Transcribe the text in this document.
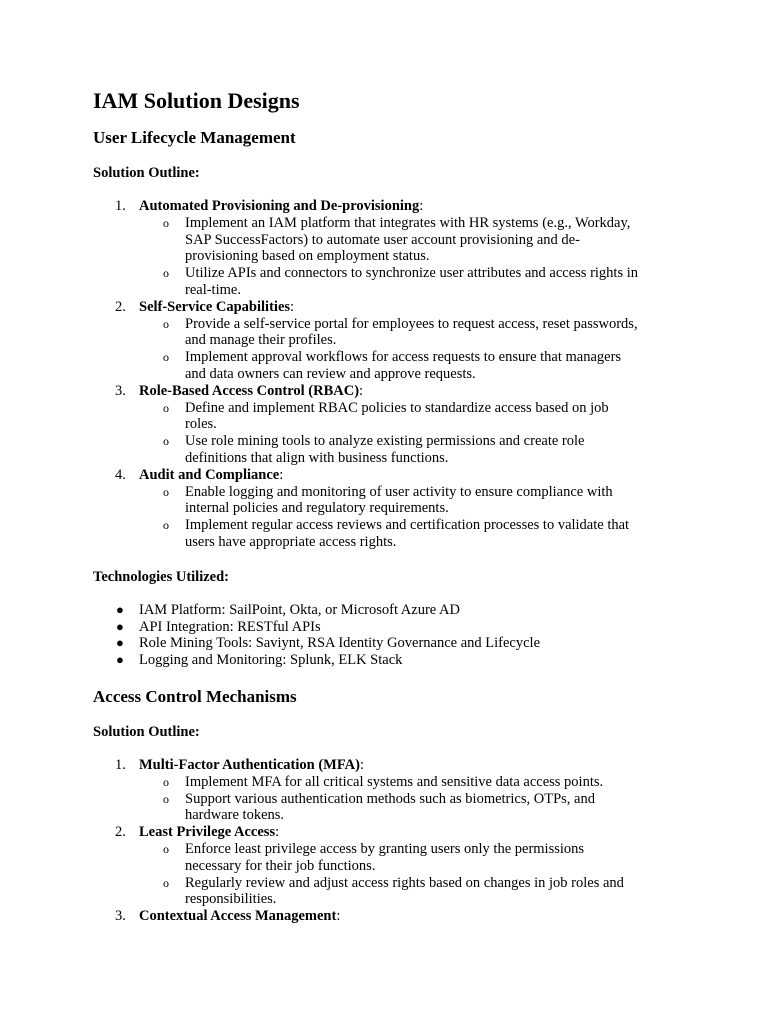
IAM Solution Designs
User Lifecycle Management

Solution Outline:

1. Automated Provisioning and De-provisioning:
o Implement an IAM platform that integrates with HR systems (e.g., Workday,
SAP SuccessFactors) to automate user account provisioning and de-
provisioning based on employment status.
o Utilize APIs and connectors to synchronize user attributes and access rights in
real-time.
2. Self-Service Capabilities:
o Provide a self-service portal for employees to request access, reset passwords,
and manage their profiles.
o Implement approval workflows for access requests to ensure that managers
and data owners can review and approve requests.
3. Role-Based Access Control (RBAC):
o Define and implement RBAC policies to standardize access based on job
roles.
o Use role mining tools to analyze existing permissions and create role
definitions that align with business functions.
4. Audit and Compliance:
o Enable logging and monitoring of user activity to ensure compliance with
internal policies and regulatory requirements.
o Implement regular access reviews and certification processes to validate that
users have appropriate access rights.

Technologies Utilized:

● IAM Platform: SailPoint, Okta, or Microsoft Azure AD
● API Integration: RESTful APIs
● Role Mining Tools: Saviynt, RSA Identity Governance and Lifecycle
● Logging and Monitoring: Splunk, ELK Stack
Access Control Mechanisms

Solution Outline:

1. Multi-Factor Authentication (MFA):
o Implement MFA for all critical systems and sensitive data access points.
o Support various authentication methods such as biometrics, OTPs, and
hardware tokens.
2. Least Privilege Access:
o Enforce least privilege access by granting users only the permissions
necessary for their job functions.
o Regularly review and adjust access rights based on changes in job roles and
responsibilities.
3. Contextual Access Management:
